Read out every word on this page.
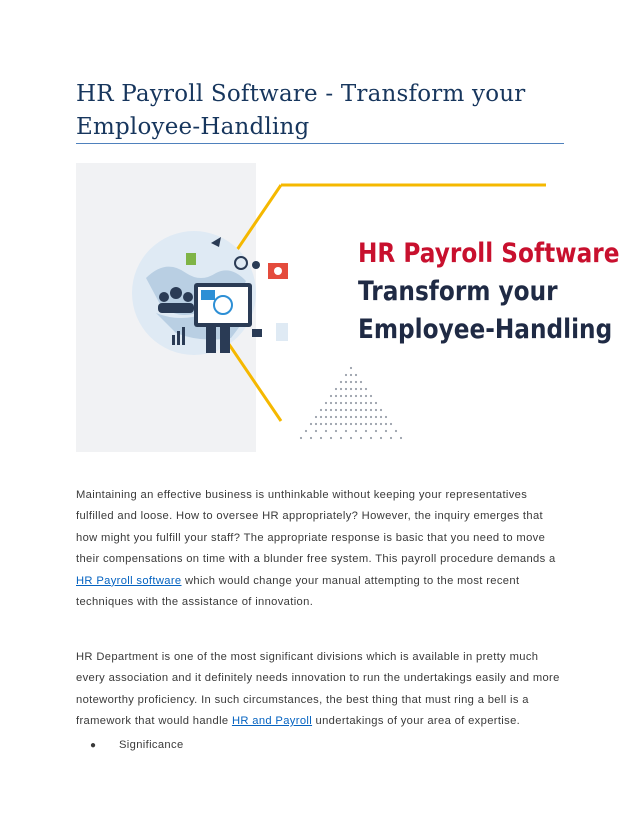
HR Payroll Software - Transform your Employee-Handling
HR Payroll Software
Transform your
Employee-Handling

Maintaining an effective business is unthinkable without keeping your representatives fulfilled and loose. How to oversee HR appropriately? However, the inquiry emerges that how might you fulfill your staff? The appropriate response is basic that you need to move their compensations on time with a blunder free system. This payroll procedure demands a HR Payroll software which would change your manual attempting to the most recent techniques with the assistance of innovation.

HR Department is one of the most significant divisions which is available in pretty much every association and it definitely needs innovation to run the undertakings easily and more noteworthy proficiency. In such circumstances, the best thing that must ring a bell is a framework that would handle HR and Payroll undertakings of your area of expertise.

● Significance
